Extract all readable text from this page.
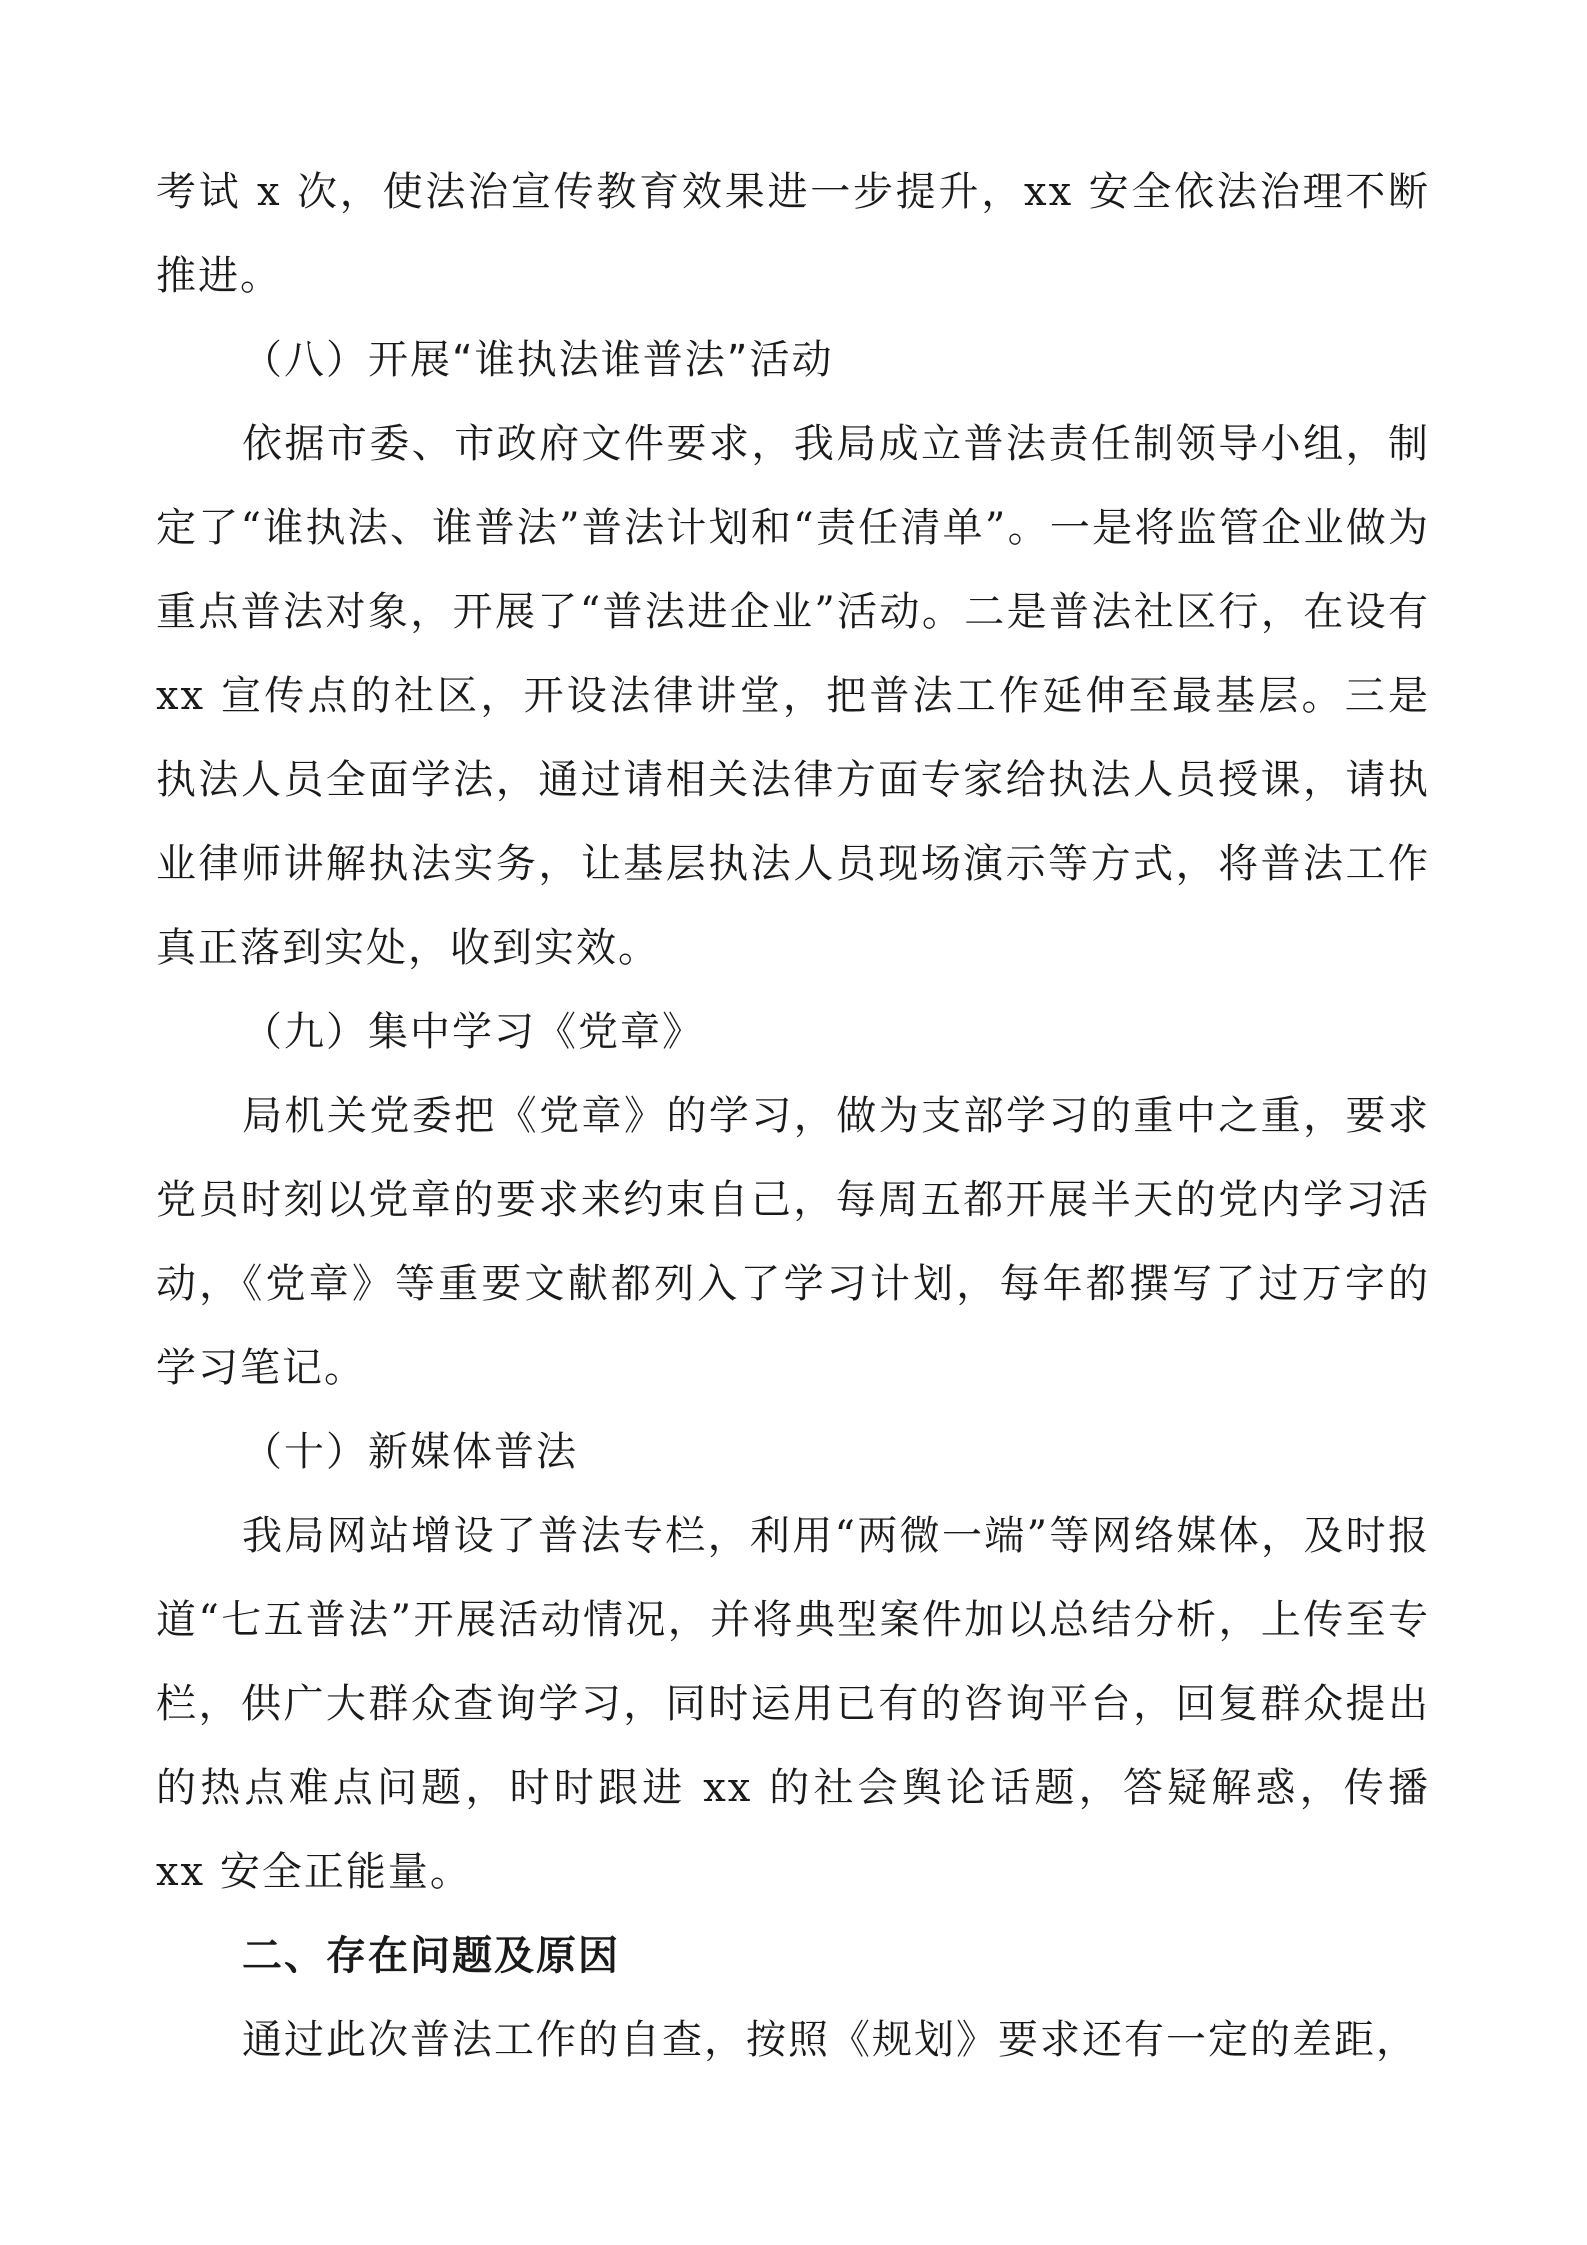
考试 x 次，使法治宣传教育效果进一步提升，xx 安全依法治理不断推进。

（八）开展“谁执法谁普法”活动

依据市委、市政府文件要求，我局成立普法责任制领导小组，制定了“谁执法、谁普法”普法计划和“责任清单”。一是将监管企业做为重点普法对象，开展了“普法进企业”活动。二是普法社区行，在设有 xx 宣传点的社区，开设法律讲堂，把普法工作延伸至最基层。三是执法人员全面学法，通过请相关法律方面专家给执法人员授课，请执业律师讲解执法实务，让基层执法人员现场演示等方式，将普法工作真正落到实处，收到实效。

（九）集中学习《党章》

局机关党委把《党章》的学习，做为支部学习的重中之重，要求党员时刻以党章的要求来约束自己，每周五都开展半天的党内学习活动，《党章》等重要文献都列入了学习计划，每年都撰写了过万字的学习笔记。

（十）新媒体普法

我局网站增设了普法专栏，利用“两微一端”等网络媒体，及时报道“七五普法”开展活动情况，并将典型案件加以总结分析，上传至专栏，供广大群众查询学习，同时运用已有的咨询平台，回复群众提出的热点难点问题，时时跟进 xx 的社会舆论话题，答疑解惑，传播 xx 安全正能量。

二、存在问题及原因

通过此次普法工作的自查，按照《规划》要求还有一定的差距，
